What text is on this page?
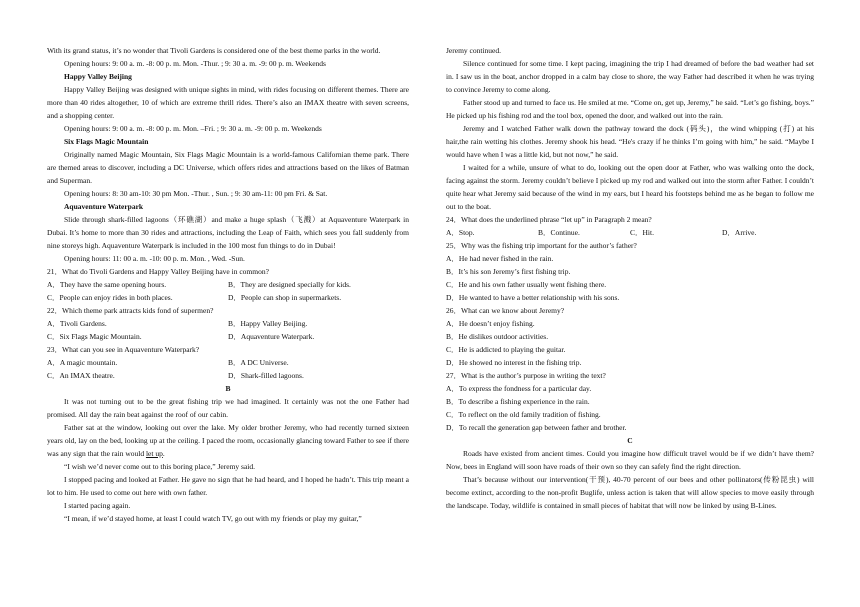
With its grand status, it’s no wonder that Tivoli Gardens is considered one of the best theme parks in the world.

Opening hours: 9: 00 a. m. -8: 00 p. m. Mon. -Thur. ; 9: 30 a. m. -9: 00 p. m. Weekends

Happy Valley Beijing

Happy Valley Beijing was designed with unique sights in mind, with rides focusing on different themes. There are more than 40 rides altogether, 10 of which are extreme thrill rides. There’s also an IMAX theatre with seven screens, and a shopping center.

Opening hours: 9: 00 a. m. -8: 00 p. m. Mon. –Fri. ; 9: 30 a. m. -9: 00 p. m. Weekends

Six Flags Magic Mountain

Originally named Magic Mountain, Six Flags Magic Mountain is a world-famous Californian theme park. There are themed areas to discover, including a DC Universe, which offers rides and attractions based on the likes of Batman and Superman.

Opening hours: 8: 30 am-10: 30 pm Mon. -Thur. , Sun. ; 9: 30 am-11: 00 pm Fri. & Sat.

Aquaventure Waterpark

Slide through shark-filled lagoons（环礁湖）and make a huge splash（飞溅）at Aquaventure Waterpark in Dubai. It’s home to more than 30 rides and attractions, including the Leap of Faith, which sees you fall suddenly from nine storeys high. Aquaventure Waterpark is included in the 100 most fun things to do in Dubai!

Opening hours: 11: 00 a. m. -10: 00 p. m. Mon. , Wed. -Sun.

21．What do Tivoli Gardens and Happy Valley Beijing have in common?

A．They have the same opening hours.	B．They are designed specially for kids.
C．People can enjoy rides in both places.	D．People can shop in supermarkets.

22．Which theme park attracts kids fond of supermen?

A．Tivoli Gardens.	B．Happy Valley Beijing.
C．Six Flags Magic Mountain.	D．Aquaventure Waterpark.

23．What can you see in Aquaventure Waterpark?

A．A magic mountain.	B．A DC Universe.
C．An IMAX theatre.	D．Shark-filled lagoons.

B

It was not turning out to be the great fishing trip we had imagined. It certainly was not the one Father had promised. All day the rain beat against the roof of our cabin.

Father sat at the window, looking out over the lake. My older brother Jeremy, who had recently turned sixteen years old, lay on the bed, looking up at the ceiling. I paced the room, occasionally glancing toward Father to see if there was any sign that the rain would let up.

“I wish we’d never come out to this boring place,” Jeremy said.

I stopped pacing and looked at Father. He gave no sign that he had heard, and I hoped he hadn’t. This trip meant a lot to him. He used to come out here with own father.

I started pacing again.

“I mean, if we’d stayed home, at least I could watch TV, go out with my friends or play my guitar,”

Jeremy continued.

Silence continued for some time. I kept pacing, imagining the trip I had dreamed of before the bad weather had set in. I saw us in the boat, anchor dropped in a calm bay close to shore, the way Father had described it when he was trying to convince Jeremy to come along.

Father stood up and turned to face us. He smiled at me. “Come on, get up, Jeremy,” he said. “Let’s go fishing, boys.” He picked up his fishing rod and the tool box, opened the door, and walked out into the rain.

Jeremy and I watched Father walk down the pathway toward the dock (码头)，the wind whipping (打) at his hair,the rain wetting his clothes. Jeremy shook his head. “He's crazy if he thinks I’m going with him,” he said. “Maybe I would have when I was a little kid, but not now,” he said.

I waited for a while, unsure of what to do, looking out the open door at Father, who was walking onto the dock, facing against the storm. Jeremy couldn’t believe I picked up my rod and walked out into the storm after Father. I couldn’t quite hear what Jeremy said because of the wind in my ears, but I heard his footsteps behind me as he began to follow me out to the boat.

24．What does the underlined phrase “let up” in Paragraph 2 mean?

A．Stop.	B．Continue.	C．Hit.	D．Arrive.

25．Why was the fishing trip important for the author’s father?

A．He had never fished in the rain.

B．It’s his son Jeremy’s first fishing trip.

C．He and his own father usually went fishing there.

D．He wanted to have a better relationship with his sons.

26．What can we know about Jeremy?

A．He doesn’t enjoy fishing.

B．He dislikes outdoor activities.

C．He is addicted to playing the guitar.

D．He showed no interest in the fishing trip.

27．What is the author’s purpose in writing the text?

A．To express the fondness for a particular day.

B．To describe a fishing experience in the rain.

C．To reflect on the old family tradition of fishing.

D．To recall the generation gap between father and brother.

C

Roads have existed from ancient times. Could you imagine how difficult travel would be if we didn’t have them? Now, bees in England will soon have roads of their own so they can safely find the right direction.

That’s because without our intervention(干预), 40-70 percent of our bees and other pollinators(传粉昆虫) will become extinct, according to the non-profit Buglife, unless action is taken that will allow species to move easily through the landscape. Today, wildlife is contained in small pieces of habitat that will now be linked by using B-Lines.
